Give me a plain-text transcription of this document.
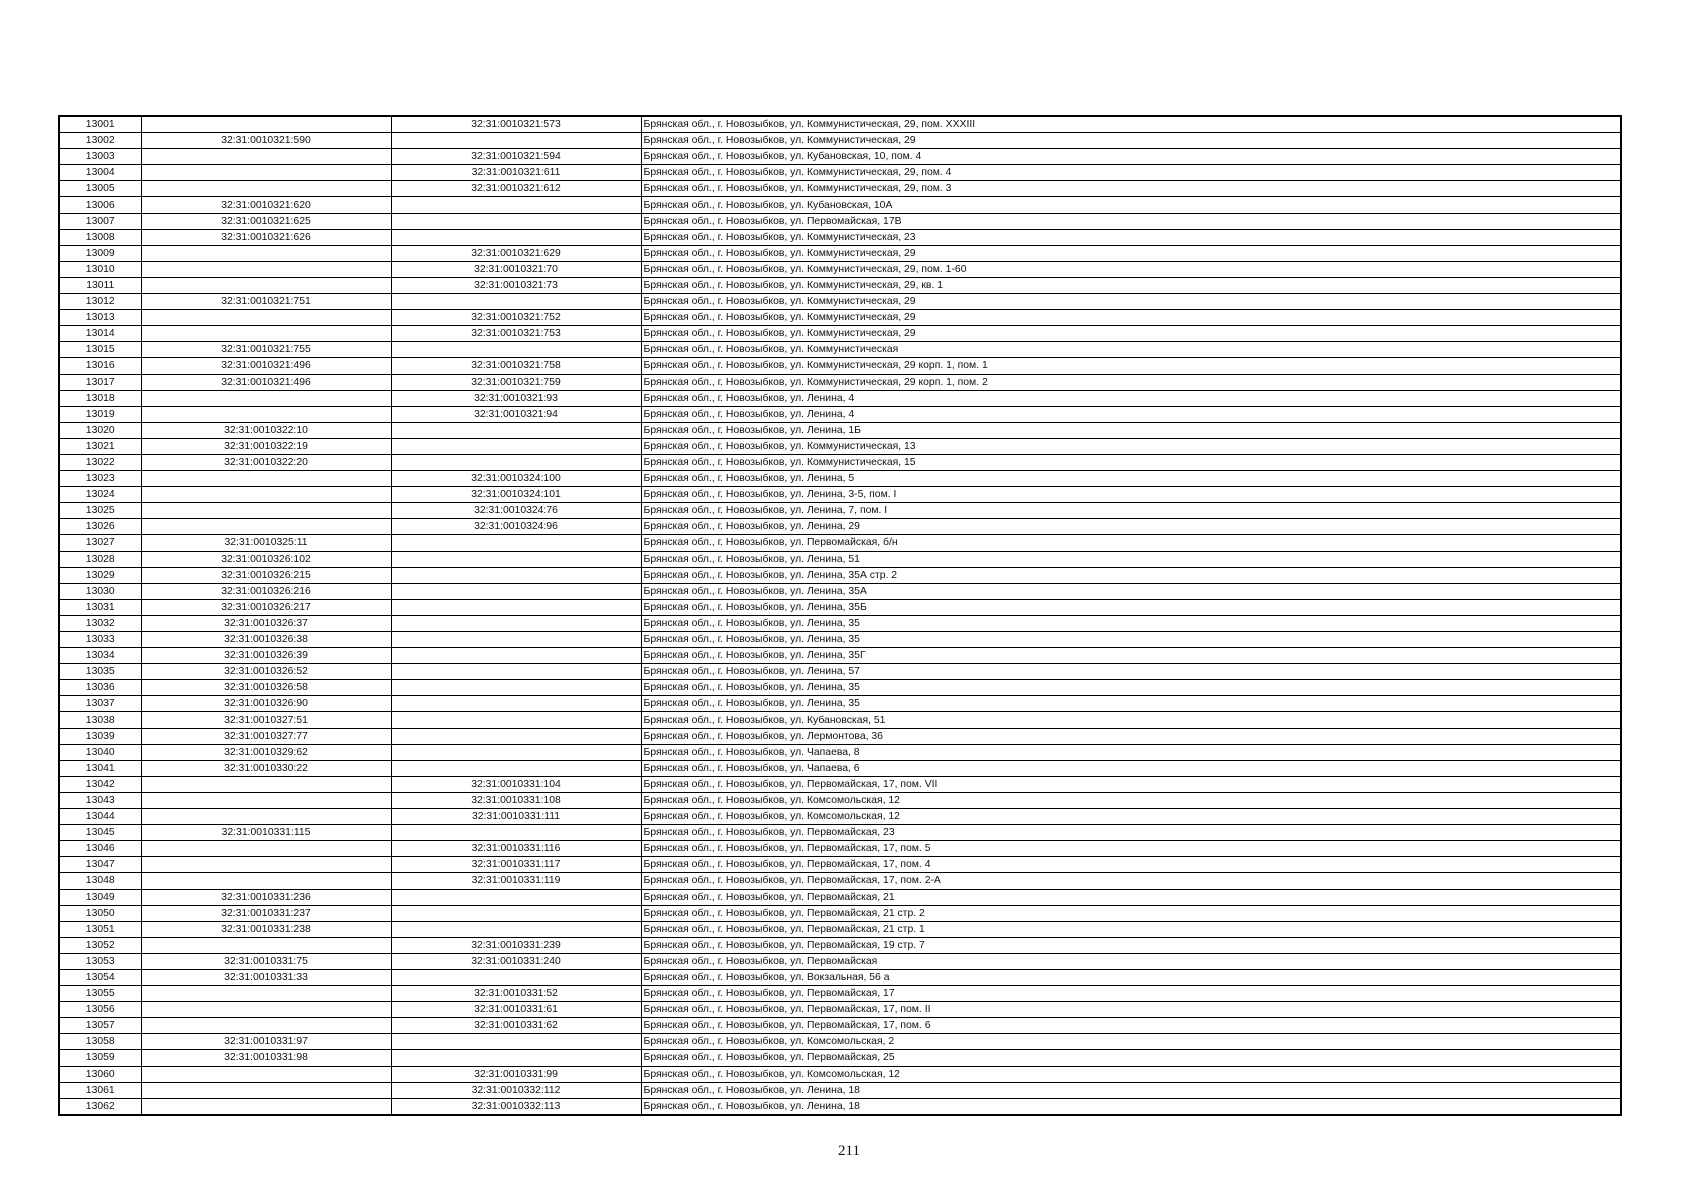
13001		32:31:0010321:573	Брянская обл., г. Новозыбков, ул. Коммунистическая, 29, пом. XXXIII
13002	32:31:0010321:590		Брянская обл., г. Новозыбков, ул. Коммунистическая, 29
13003		32:31:0010321:594	Брянская обл., г. Новозыбков, ул. Кубановская, 10, пом. 4
13004		32:31:0010321:611	Брянская обл., г. Новозыбков, ул. Коммунистическая, 29, пом. 4
13005		32:31:0010321:612	Брянская обл., г. Новозыбков, ул. Коммунистическая, 29, пом. 3
13006	32:31:0010321:620		Брянская обл., г. Новозыбков, ул. Кубановская, 10А
13007	32:31:0010321:625		Брянская обл., г. Новозыбков, ул. Первомайская, 17В
13008	32:31:0010321:626		Брянская обл., г. Новозыбков, ул. Коммунистическая, 23
13009		32:31:0010321:629	Брянская обл., г. Новозыбков, ул. Коммунистическая, 29
13010		32:31:0010321:70	Брянская обл., г. Новозыбков, ул. Коммунистическая, 29, пом. 1-60
13011		32:31:0010321:73	Брянская обл., г. Новозыбков, ул. Коммунистическая, 29, кв. 1
13012	32:31:0010321:751		Брянская обл., г. Новозыбков, ул. Коммунистическая, 29
13013		32:31:0010321:752	Брянская обл., г. Новозыбков, ул. Коммунистическая, 29
13014		32:31:0010321:753	Брянская обл., г. Новозыбков, ул. Коммунистическая, 29
13015	32:31:0010321:755		Брянская обл., г. Новозыбков, ул. Коммунистическая
13016	32:31:0010321:496	32:31:0010321:758	Брянская обл., г. Новозыбков, ул. Коммунистическая, 29 корп. 1, пом. 1
13017	32:31:0010321:496	32:31:0010321:759	Брянская обл., г. Новозыбков, ул. Коммунистическая, 29 корп. 1, пом. 2
13018		32:31:0010321:93	Брянская обл., г. Новозыбков, ул. Ленина, 4
13019		32:31:0010321:94	Брянская обл., г. Новозыбков, ул. Ленина, 4
13020	32:31:0010322:10		Брянская обл., г. Новозыбков, ул. Ленина, 1Б
13021	32:31:0010322:19		Брянская обл., г. Новозыбков, ул. Коммунистическая, 13
13022	32:31:0010322:20		Брянская обл., г. Новозыбков, ул. Коммунистическая, 15
13023		32:31:0010324:100	Брянская обл., г. Новозыбков, ул. Ленина, 5
13024		32:31:0010324:101	Брянская обл., г. Новозыбков, ул. Ленина, 3-5, пом. I
13025		32:31:0010324:76	Брянская обл., г. Новозыбков, ул. Ленина, 7, пом. I
13026		32:31:0010324:96	Брянская обл., г. Новозыбков, ул. Ленина, 29
13027	32:31:0010325:11		Брянская обл., г. Новозыбков, ул. Первомайская, б/н
13028	32:31:0010326:102		Брянская обл., г. Новозыбков, ул. Ленина, 51
13029	32:31:0010326:215		Брянская обл., г. Новозыбков, ул. Ленина, 35А стр. 2
13030	32:31:0010326:216		Брянская обл., г. Новозыбков, ул. Ленина, 35А
13031	32:31:0010326:217		Брянская обл., г. Новозыбков, ул. Ленина, 35Б
13032	32:31:0010326:37		Брянская обл., г. Новозыбков, ул. Ленина, 35
13033	32:31:0010326:38		Брянская обл., г. Новозыбков, ул. Ленина, 35
13034	32:31:0010326:39		Брянская обл., г. Новозыбков, ул. Ленина, 35Г
13035	32:31:0010326:52		Брянская обл., г. Новозыбков, ул. Ленина, 57
13036	32:31:0010326:58		Брянская обл., г. Новозыбков, ул. Ленина, 35
13037	32:31:0010326:90		Брянская обл., г. Новозыбков, ул. Ленина, 35
13038	32:31:0010327:51		Брянская обл., г. Новозыбков, ул. Кубановская, 51
13039	32:31:0010327:77		Брянская обл., г. Новозыбков, ул. Лермонтова, 36
13040	32:31:0010329:62		Брянская обл., г. Новозыбков, ул. Чапаева, 8
13041	32:31:0010330:22		Брянская обл., г. Новозыбков, ул. Чапаева, 6
13042		32:31:0010331:104	Брянская обл., г. Новозыбков, ул. Первомайская, 17, пом. VII
13043		32:31:0010331:108	Брянская обл., г. Новозыбков, ул. Комсомольская, 12
13044		32:31:0010331:111	Брянская обл., г. Новозыбков, ул. Комсомольская, 12
13045	32:31:0010331:115		Брянская обл., г. Новозыбков, ул. Первомайская, 23
13046		32:31:0010331:116	Брянская обл., г. Новозыбков, ул. Первомайская, 17, пом. 5
13047		32:31:0010331:117	Брянская обл., г. Новозыбков, ул. Первомайская, 17, пом. 4
13048		32:31:0010331:119	Брянская обл., г. Новозыбков, ул. Первомайская, 17, пом. 2-А
13049	32:31:0010331:236		Брянская обл., г. Новозыбков, ул. Первомайская, 21
13050	32:31:0010331:237		Брянская обл., г. Новозыбков, ул. Первомайская, 21 стр. 2
13051	32:31:0010331:238		Брянская обл., г. Новозыбков, ул. Первомайская, 21 стр. 1
13052		32:31:0010331:239	Брянская обл., г. Новозыбков, ул. Первомайская, 19 стр. 7
13053	32:31:0010331:75	32:31:0010331:240	Брянская обл., г. Новозыбков, ул. Первомайская
13054	32:31:0010331:33		Брянская обл., г. Новозыбков, ул. Вокзальная, 56 а
13055		32:31:0010331:52	Брянская обл., г. Новозыбков, ул. Первомайская, 17
13056		32:31:0010331:61	Брянская обл., г. Новозыбков, ул. Первомайская, 17, пом. II
13057		32:31:0010331:62	Брянская обл., г. Новозыбков, ул. Первомайская, 17, пом. 6
13058	32:31:0010331:97		Брянская обл., г. Новозыбков, ул. Комсомольская, 2
13059	32:31:0010331:98		Брянская обл., г. Новозыбков, ул. Первомайская, 25
13060		32:31:0010331:99	Брянская обл., г. Новозыбков, ул. Комсомольская, 12
13061		32:31:0010332:112	Брянская обл., г. Новозыбков, ул. Ленина, 18
13062		32:31:0010332:113	Брянская обл., г. Новозыбков, ул. Ленина, 18
211
